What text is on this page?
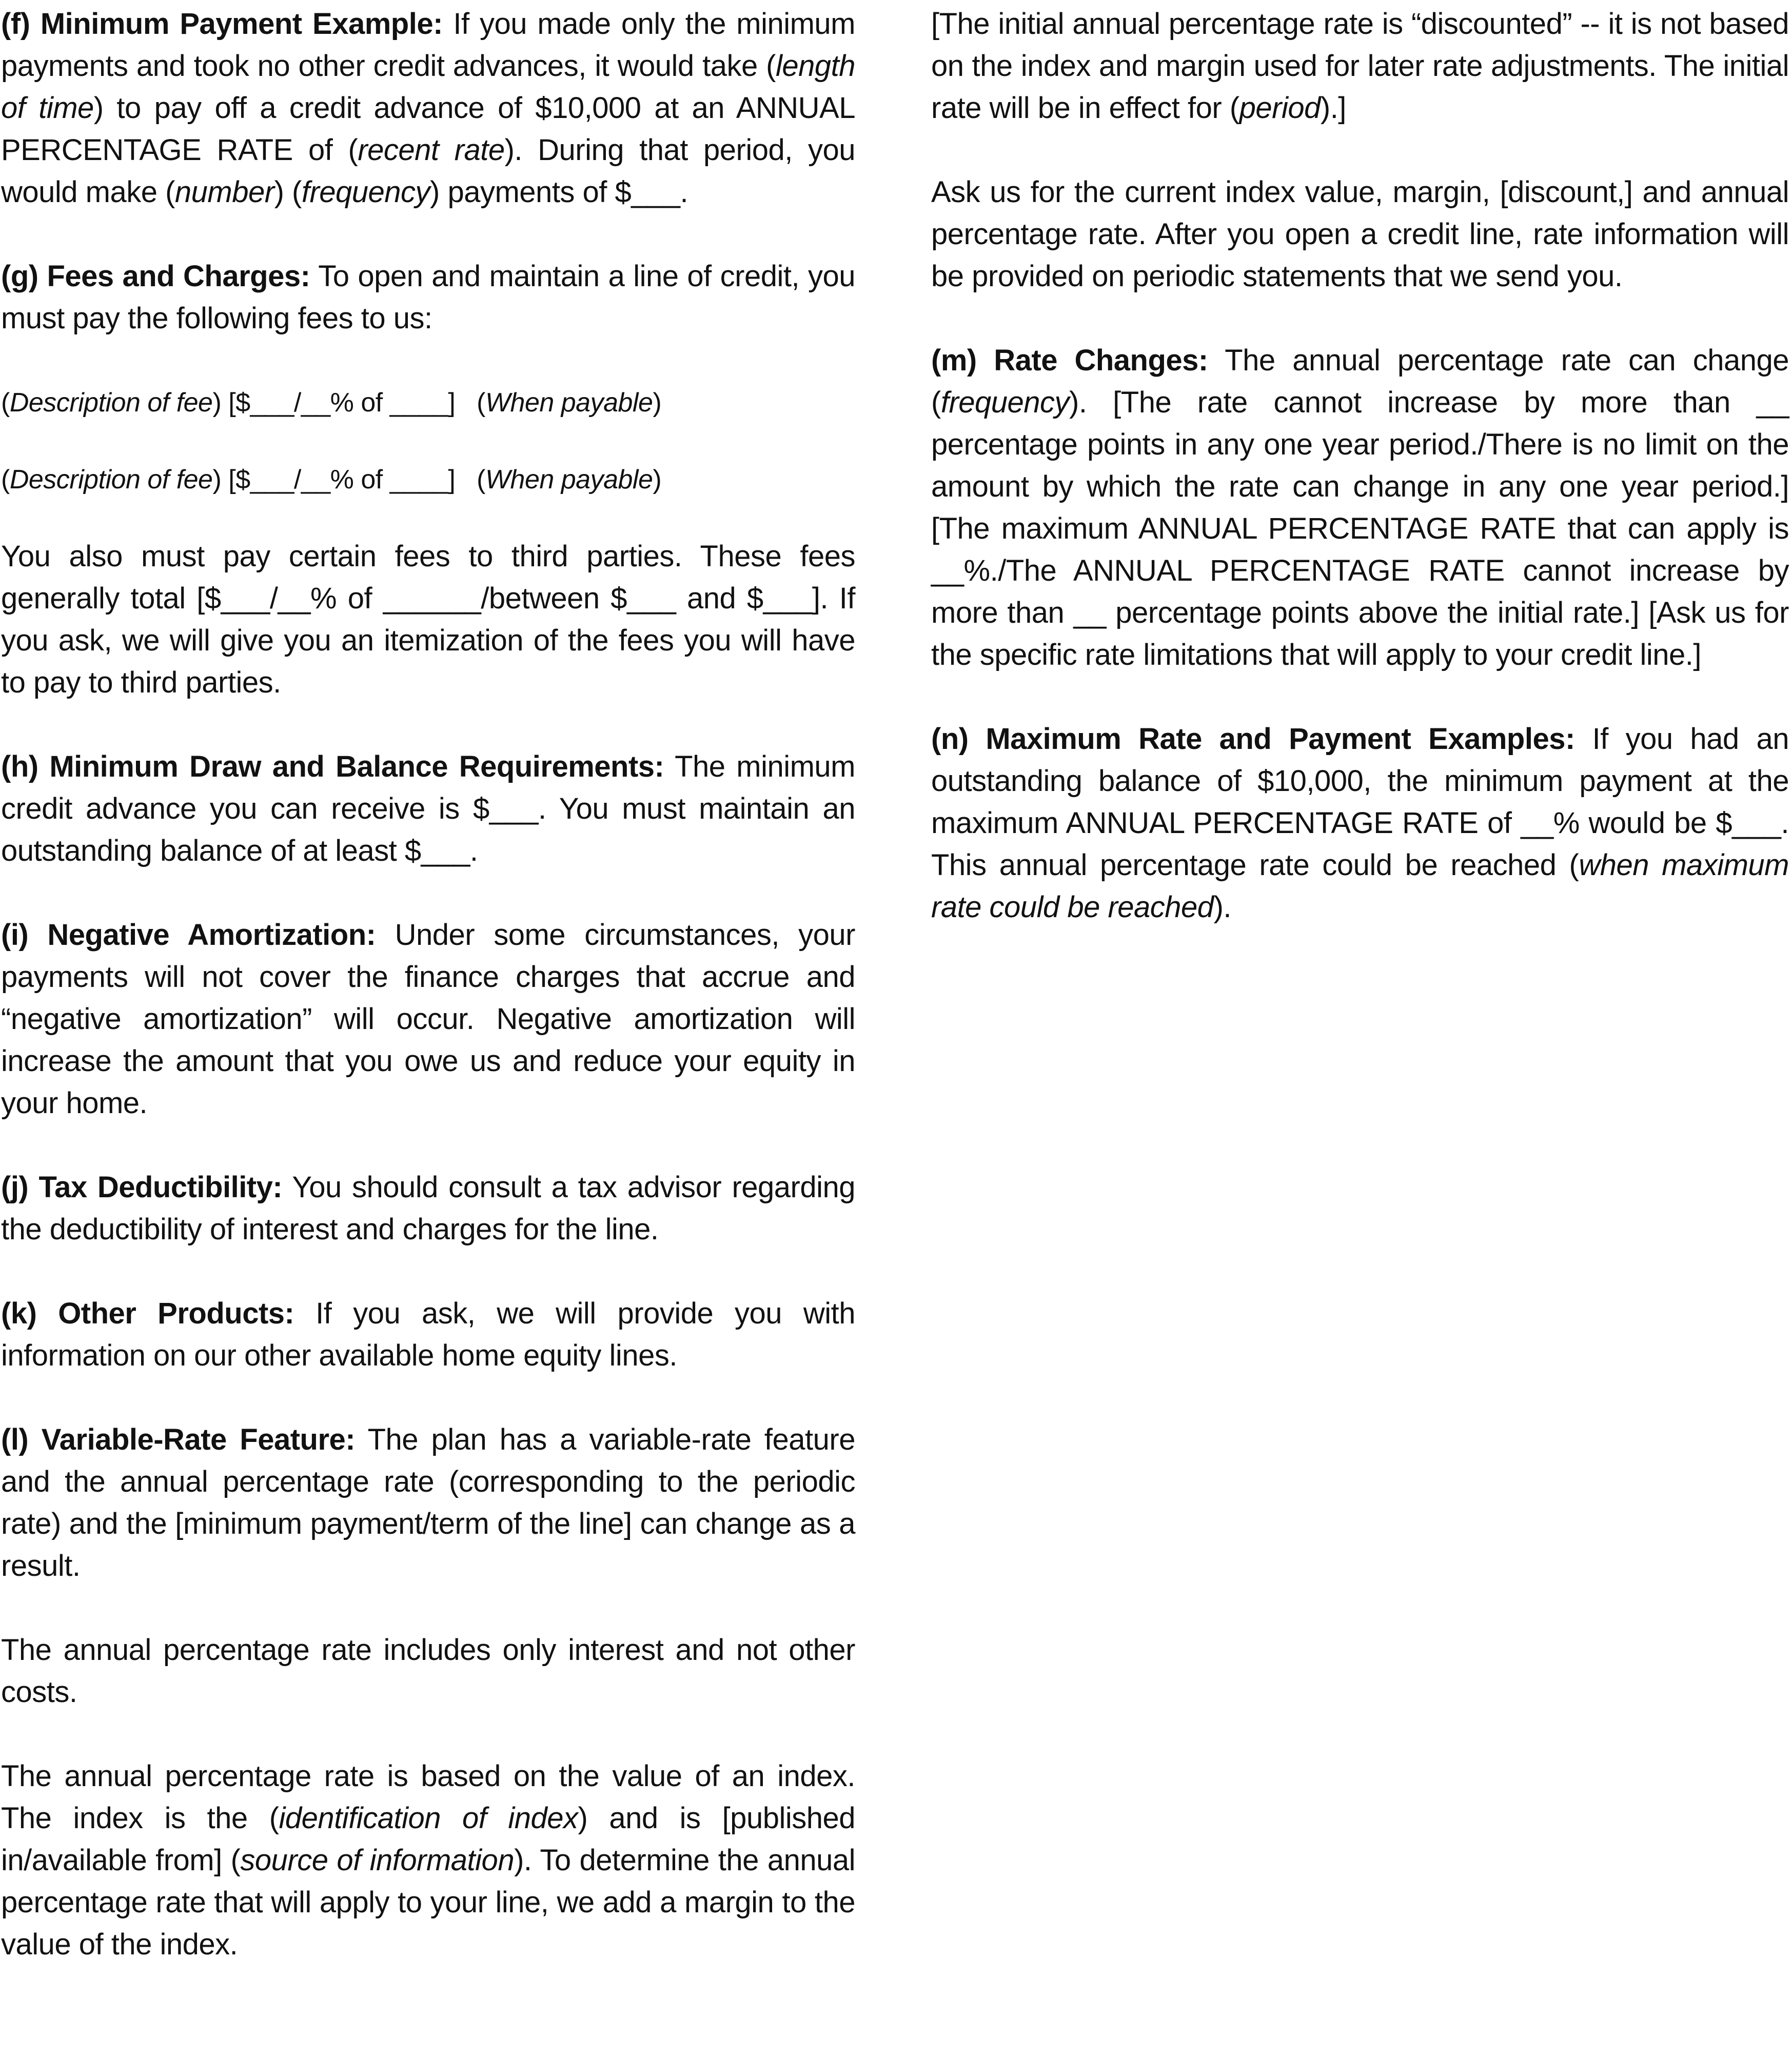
(f) Minimum Payment Example: If you made only the minimum payments and took no other credit advances, it would take (length of time) to pay off a credit advance of $10,000 at an ANNUAL PERCENTAGE RATE of (recent rate). During that period, you would make (number) (frequency) payments of $___.

(g) Fees and Charges: To open and maintain a line of credit, you must pay the following fees to us:

(Description of fee) [$___/__% of ____]   (When payable)

(Description of fee) [$___/__% of ____]   (When payable)

You also must pay certain fees to third parties. These fees generally total [$___/__% of ______/between $___ and $___]. If you ask, we will give you an itemization of the fees you will have to pay to third parties.

(h) Minimum Draw and Balance Requirements: The minimum credit advance you can receive is $___. You must maintain an outstanding balance of at least $___.

(i) Negative Amortization: Under some circumstances, your payments will not cover the finance charges that accrue and “negative amortization” will occur. Negative amortization will increase the amount that you owe us and reduce your equity in your home.

(j) Tax Deductibility: You should consult a tax advisor regarding the deductibility of interest and charges for the line.

(k) Other Products: If you ask, we will provide you with information on our other available home equity lines.

(l) Variable-Rate Feature: The plan has a variable-rate feature and the annual percentage rate (corresponding to the periodic rate) and the [minimum payment/term of the line] can change as a result.

The annual percentage rate includes only interest and not other costs.

The annual percentage rate is based on the value of an index. The index is the (identification of index) and is [published in/available from] (source of information). To determine the annual percentage rate that will apply to your line, we add a margin to the value of the index.

[The initial annual percentage rate is “discounted” -- it is not based on the index and margin used for later rate adjustments. The initial rate will be in effect for (period).]

Ask us for the current index value, margin, [discount,] and annual percentage rate. After you open a credit line, rate information will be provided on periodic statements that we send you.

(m) Rate Changes: The annual percentage rate can change (frequency). [The rate cannot increase by more than __ percentage points in any one year period./There is no limit on the amount by which the rate can change in any one year period.] [The maximum ANNUAL PERCENTAGE RATE that can apply is __%./The ANNUAL PERCENTAGE RATE cannot increase by more than __ percentage points above the initial rate.] [Ask us for the specific rate limitations that will apply to your credit line.]

(n) Maximum Rate and Payment Examples: If you had an outstanding balance of $10,000, the minimum payment at the maximum ANNUAL PERCENTAGE RATE of __% would be $___. This annual percentage rate could be reached (when maximum rate could be reached).
